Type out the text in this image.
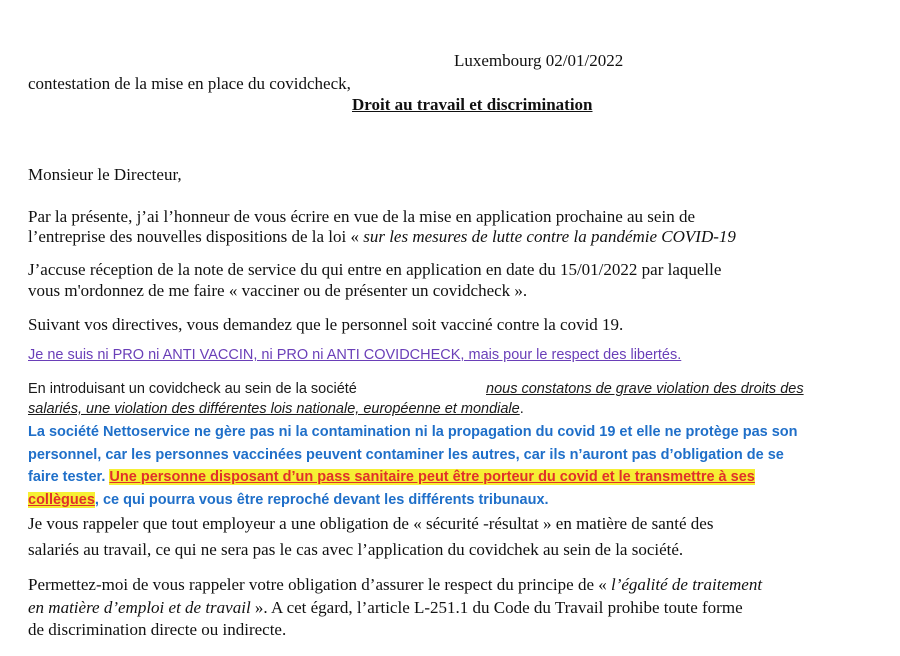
Luxembourg 02/01/2022
contestation de la mise en place du covidcheck,
Droit au travail et discrimination
Monsieur le Directeur,
Par la présente, j’ai l’honneur de vous écrire en vue de la mise en application prochaine au sein de
l’entreprise des nouvelles dispositions de la loi « sur les mesures de lutte contre la pandémie COVID-19
J’accuse réception de la note de service du qui entre en application en date du 15/01/2022 par laquelle
vous m'ordonnez de me faire « vacciner ou de présenter un covidcheck ».
Suivant vos directives, vous demandez que le personnel soit vacciné contre la covid 19.
Je ne suis ni PRO ni ANTI VACCIN, ni PRO ni ANTI COVIDCHECK, mais pour le respect des libertés.
En introduisant un covidcheck au sein de la société	nous constatons de grave violation des droits des
salariés, une violation des différentes lois nationale, européenne et mondiale.
La société Nettoservice ne gère pas ni la contamination ni la propagation du covid 19 et elle ne protège pas son
personnel, car les personnes vaccinées peuvent contaminer les autres, car ils n’auront pas d’obligation de se
faire tester. Une personne disposant d’un pass sanitaire peut être porteur du covid et le transmettre à ses
collègues, ce qui pourra vous être reproché devant les différents tribunaux.
Je vous rappeler que tout employeur a une obligation de « sécurité -résultat » en matière de santé des
salariés au travail, ce qui ne sera pas le cas avec l’application du covidchek au sein de la société.
Permettez-moi de vous rappeler votre obligation d’assurer le respect du principe de « l’égalité de traitement
en matière d’emploi et de travail ». A cet égard, l’article L-251.1 du Code du Travail prohibe toute forme
de discrimination directe ou indirecte.
